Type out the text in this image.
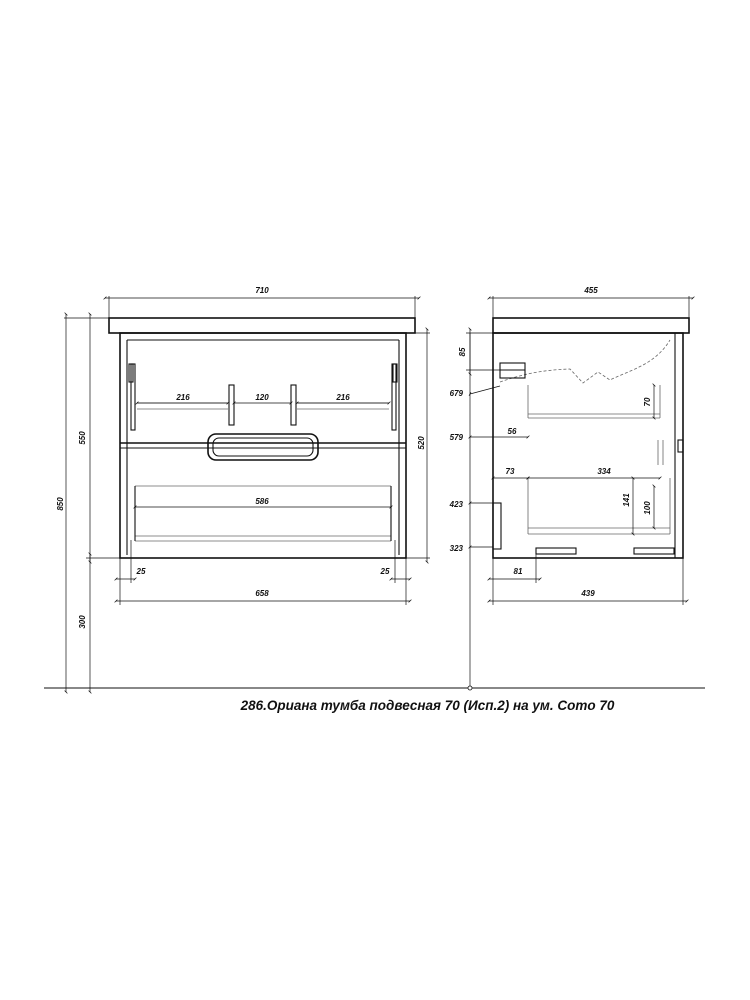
710
658
25	25
216	120	216
586
850
550
300
520
455
439
81
85
679
579
56
423
323
73	334
70
141
100
286.Ориана тумба подвесная 70 (Исп.2) на ум. Como 70
